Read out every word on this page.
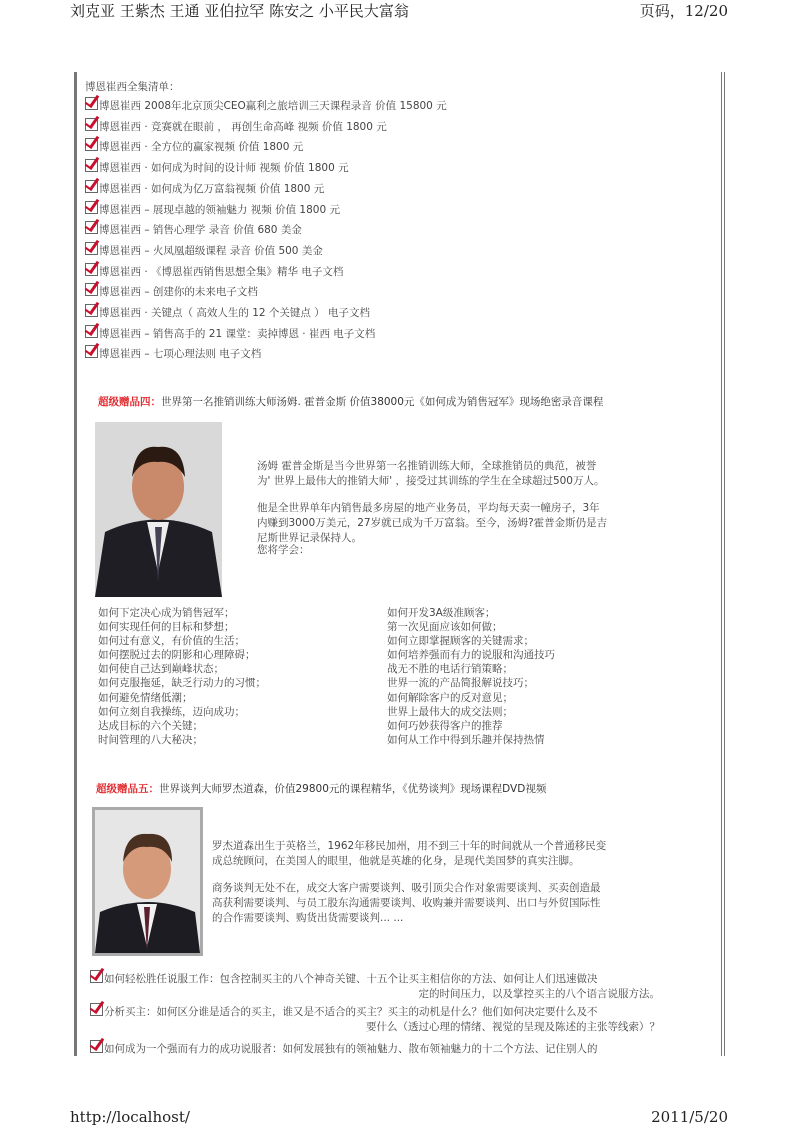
刘克亚 王紫杰 王通 亚伯拉罕 陈安之 小平民大富翁	页码，12/20
博恩崔西全集清单：
博恩崔西 2008年北京顶尖CEO赢利之旅培训三天课程录音 价值 15800 元
博恩崔西 · 竞赛就在眼前 ， 再创生命高峰 视频 价值 1800 元
博恩崔西 · 全方位的赢家视频 价值 1800 元
博恩崔西 · 如何成为时间的设计师 视频 价值 1800 元
博恩崔西 · 如何成为亿万富翁视频 价值 1800 元
博恩崔西 – 展现卓越的领袖魅力 视频 价值 1800 元
博恩崔西 – 销售心理学 录音 价值 680 美金
博恩崔西 – 火凤凰超级课程 录音 价值 500 美金
博恩崔西 · 《博恩崔西销售思想全集》精华 电子文档
博恩崔西 – 创建你的未来电子文档
博恩崔西 · 关键点（ 高效人生的 12 个关键点 ） 电子文档
博恩崔西 – 销售高手的 21 课堂：卖掉博恩 · 崔西 电子文档
博恩崔西 – 七项心理法则 电子文档
超级赠品四：世界第一名推销训练大师汤姆. 霍普金斯 价值38000元《如何成为销售冠军》现场绝密录音课程
汤姆 霍普金斯是当今世界第一名推销训练大师，全球推销员的典范，被誉
为' 世界上最伟大的推销大师' ，接受过其训练的学生在全球超过500万人。
他是全世界单年内销售最多房屋的地产业务员，平均每天卖一幢房子，3年
内赚到3000万美元，27岁就已成为千万富翁。至今，汤姆?霍普金斯仍是吉
尼斯世界记录保持人。
您将学会：
如何下定决心成为销售冠军；
如何实现任何的目标和梦想；
如何过有意义，有价值的生活；
如何摆脱过去的阴影和心理障碍；
如何使自己达到巅峰状态；
如何克服拖延，缺乏行动力的习惯；
如何避免情绪低潮；
如何立刻自我操练，迈向成功；
达成目标的六个关键；
时间管理的八大秘决；
如何开发3A级准顾客；
第一次见面应该如何做；
如何立即掌握顾客的关键需求；
如何培养强而有力的说服和沟通技巧
战无不胜的电话行销策略；
世界一流的产品简报解说技巧；
如何解除客户的反对意见；
世界上最伟大的成交法则；
如何巧妙获得客户的推荐
如何从工作中得到乐趣并保持热情
超级赠品五：世界谈判大师罗杰道森，价值29800元的课程精华，《优势谈判》现场课程DVD视频
罗杰道森出生于英格兰，1962年移民加州，用不到三十年的时间就从一个普通移民变
成总统顾问，在美国人的眼里，他就是英雄的化身，是现代美国梦的真实注脚。
商务谈判无处不在，成交大客户需要谈判、吸引顶尖合作对象需要谈判、买卖创造最
高获利需要谈判、与员工股东沟通需要谈判、收购兼并需要谈判、出口与外贸国际性
的合作需要谈判、购货出货需要谈判... ...
如何轻松胜任说服工作：包含控制买主的八个神奇关键、十五个让买主相信你的方法、如何让人们迅速做决
定的时间压力，以及掌控买主的八个语言说服方法。
分析买主：如何区分谁是适合的买主，谁又是不适合的买主？买主的动机是什么？他们如何决定要什么及不
要什么（透过心理的情绪、视觉的呈现及陈述的主张等线索）？
如何成为一个强而有力的成功说服者：如何发展独有的领袖魅力、散布领袖魅力的十二个方法、记住别人的
http://localhost/	2011/5/20
